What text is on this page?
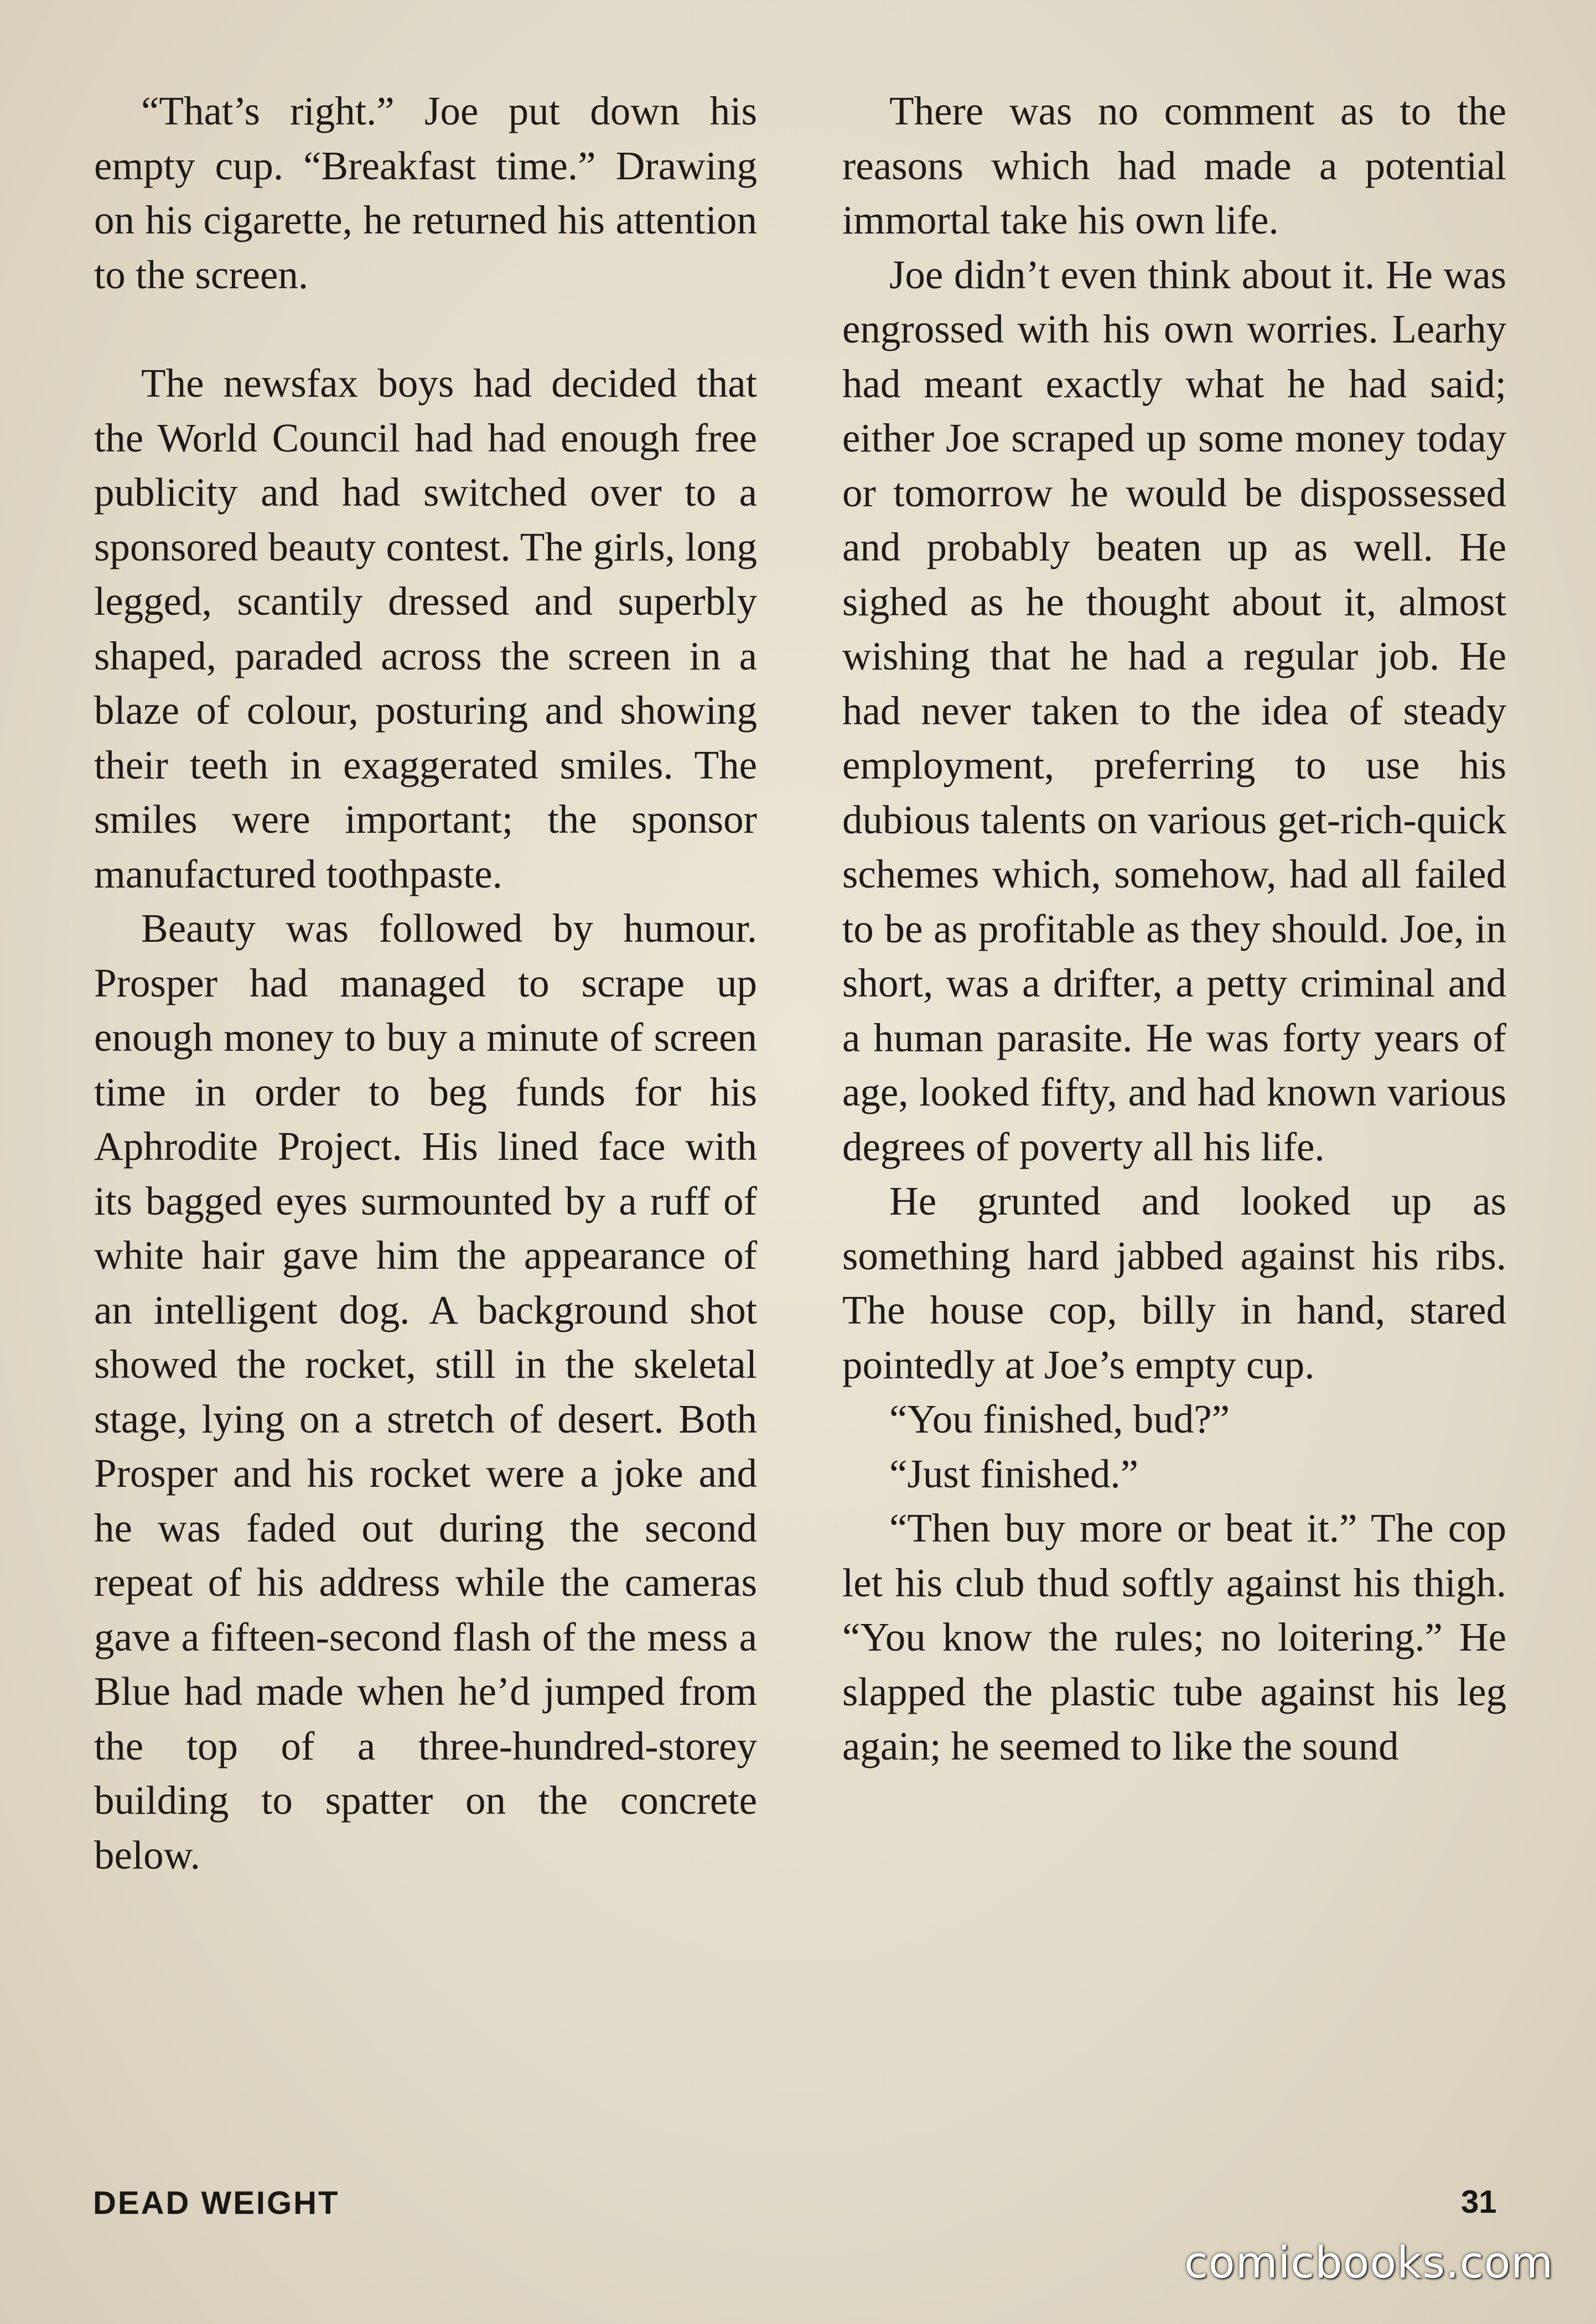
“That’s right.” Joe put down his empty cup. “Breakfast time.” Drawing on his cigarette, he returned his attention to the screen.

The newsfax boys had decided that the World Council had had enough free publicity and had switched over to a sponsored beauty contest. The girls, long legged, scantily dressed and superbly shaped, paraded across the screen in a blaze of colour, posturing and showing their teeth in exaggerated smiles. The smiles were important; the sponsor manufactured toothpaste.

Beauty was followed by humour. Prosper had managed to scrape up enough money to buy a minute of screen time in order to beg funds for his Aphrodite Project. His lined face with its bagged eyes surmounted by a ruff of white hair gave him the appearance of an intelligent dog. A background shot showed the rocket, still in the skeletal stage, lying on a stretch of desert. Both Prosper and his rocket were a joke and he was faded out during the second repeat of his address while the cameras gave a fifteen-second flash of the mess a Blue had made when he’d jumped from the top of a three-hundred-storey building to spatter on the concrete below.

There was no comment as to the reasons which had made a potential immortal take his own life.

Joe didn’t even think about it. He was engrossed with his own worries. Learhy had meant exactly what he had said; either Joe scraped up some money today or tomorrow he would be dispossessed and probably beaten up as well. He sighed as he thought about it, almost wishing that he had a regular job. He had never taken to the idea of steady employment, preferring to use his dubious talents on various get-rich-quick schemes which, somehow, had all failed to be as profitable as they should. Joe, in short, was a drifter, a petty criminal and a human parasite. He was forty years of age, looked fifty, and had known various degrees of poverty all his life.

He grunted and looked up as something hard jabbed against his ribs. The house cop, billy in hand, stared pointedly at Joe’s empty cup.

“You finished, bud?”

“Just finished.”

“Then buy more or beat it.” The cop let his club thud softly against his thigh. “You know the rules; no loitering.” He slapped the plastic tube against his leg again; he seemed to like the sound

DEAD WEIGHT	31
comicbooks.com
